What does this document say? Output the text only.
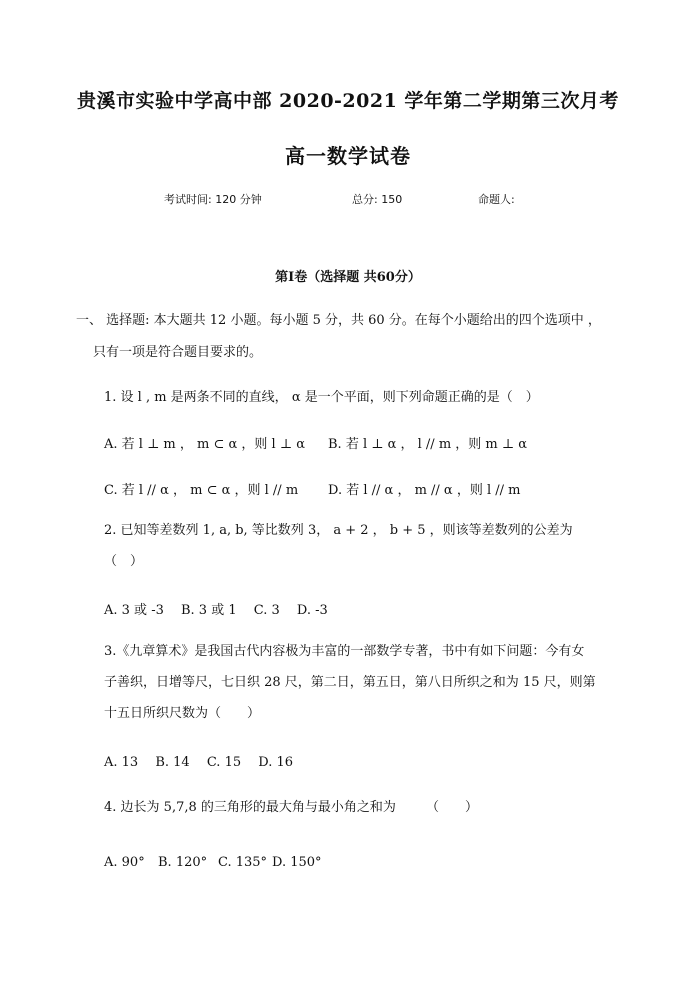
贵溪市实验中学高中部 2020-2021 学年第二学期第三次月考
高一数学试卷
考试时间: 120 分钟	总分: 150	命题人:
第Ⅰ卷（选择题 共60分）
一、 选择题: 本大题共 12 小题。每小题 5 分，共 60 分。在每个小题给出的四个选项中 ，
只有一项是符合题目要求的。
1. 设 l , m 是两条不同的直线， α 是一个平面，则下列命题正确的是（　）
A. 若 l ⊥ m ， m ⊂ α ，则 l ⊥ α B. 若 l ⊥ α ， l // m ，则 m ⊥ α
C. 若 l // α ， m ⊂ α ，则 l // m D. 若 l // α ， m // α ，则 l // m
2. 已知等差数列 1, a, b, 等比数列 3， a + 2 ， b + 5 ，则该等差数列的公差为
（　）
A. 3 或 -3　 B. 3 或 1　 C. 3　 D. -3
3.《九章算术》是我国古代内容极为丰富的一部数学专著，书中有如下问题：今有女
子善织，日增等尺，七日织 28 尺，第二日，第五日，第八日所织之和为 15 尺，则第
十五日所织尺数为（　　）
A. 13　 B. 14　 C. 15　 D. 16
4. 边长为 5,7,8 的三角形的最大角与最小角之和为　　 （　　）
A. 90° B. 120° C. 135° D. 150°
